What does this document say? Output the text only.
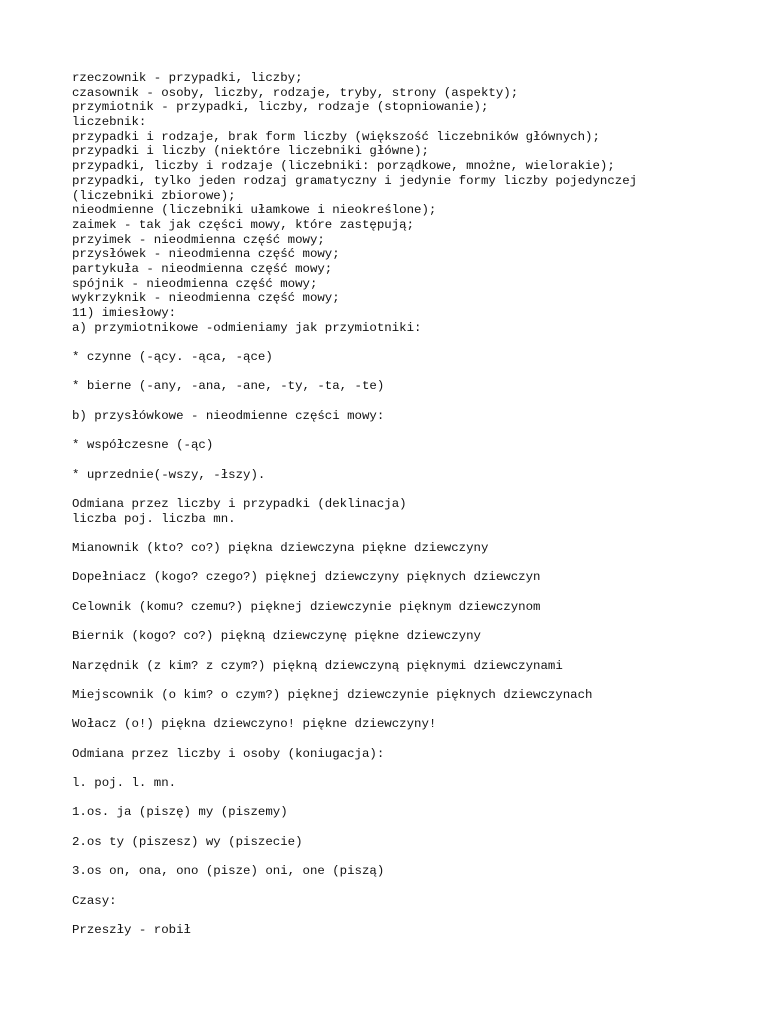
rzeczownik - przypadki, liczby;
czasownik - osoby, liczby, rodzaje, tryby, strony (aspekty);
przymiotnik - przypadki, liczby, rodzaje (stopniowanie);
liczebnik:
przypadki i rodzaje, brak form liczby (większość liczebników głównych);
przypadki i liczby (niektóre liczebniki główne);
przypadki, liczby i rodzaje (liczebniki: porządkowe, mnożne, wielorakie);
przypadki, tylko jeden rodzaj gramatyczny i jedynie formy liczby pojedynczej
(liczebniki zbiorowe);
nieodmienne (liczebniki ułamkowe i nieokreślone);
zaimek - tak jak części mowy, które zastępują;
przyimek - nieodmienna część mowy;
przysłówek - nieodmienna część mowy;
partykuła - nieodmienna część mowy;
spójnik - nieodmienna część mowy;
wykrzyknik - nieodmienna część mowy;
11) imiesłowy:
a) przymiotnikowe -odmieniamy jak przymiotniki:
* czynne (-ący. -ąca, -ące)
* bierne (-any, -ana, -ane, -ty, -ta, -te)
b) przysłówkowe - nieodmienne części mowy:
* współczesne (-ąc)
* uprzednie(-wszy, -łszy).
Odmiana przez liczby i przypadki (deklinacja)
liczba poj. liczba mn.
Mianownik (kto? co?) piękna dziewczyna piękne dziewczyny
Dopełniacz (kogo? czego?) pięknej dziewczyny pięknych dziewczyn
Celownik (komu? czemu?) pięknej dziewczynie pięknym dziewczynom
Biernik (kogo? co?) piękną dziewczynę piękne dziewczyny
Narzędnik (z kim? z czym?) piękną dziewczyną pięknymi dziewczynami
Miejscownik (o kim? o czym?) pięknej dziewczynie pięknych dziewczynach
Wołacz (o!) piękna dziewczyno! piękne dziewczyny!
Odmiana przez liczby i osoby (koniugacja):
l. poj. l. mn.
1.os. ja (piszę) my (piszemy)
2.os ty (piszesz) wy (piszecie)
3.os on, ona, ono (pisze) oni, one (piszą)
Czasy:
Przeszły - robił
